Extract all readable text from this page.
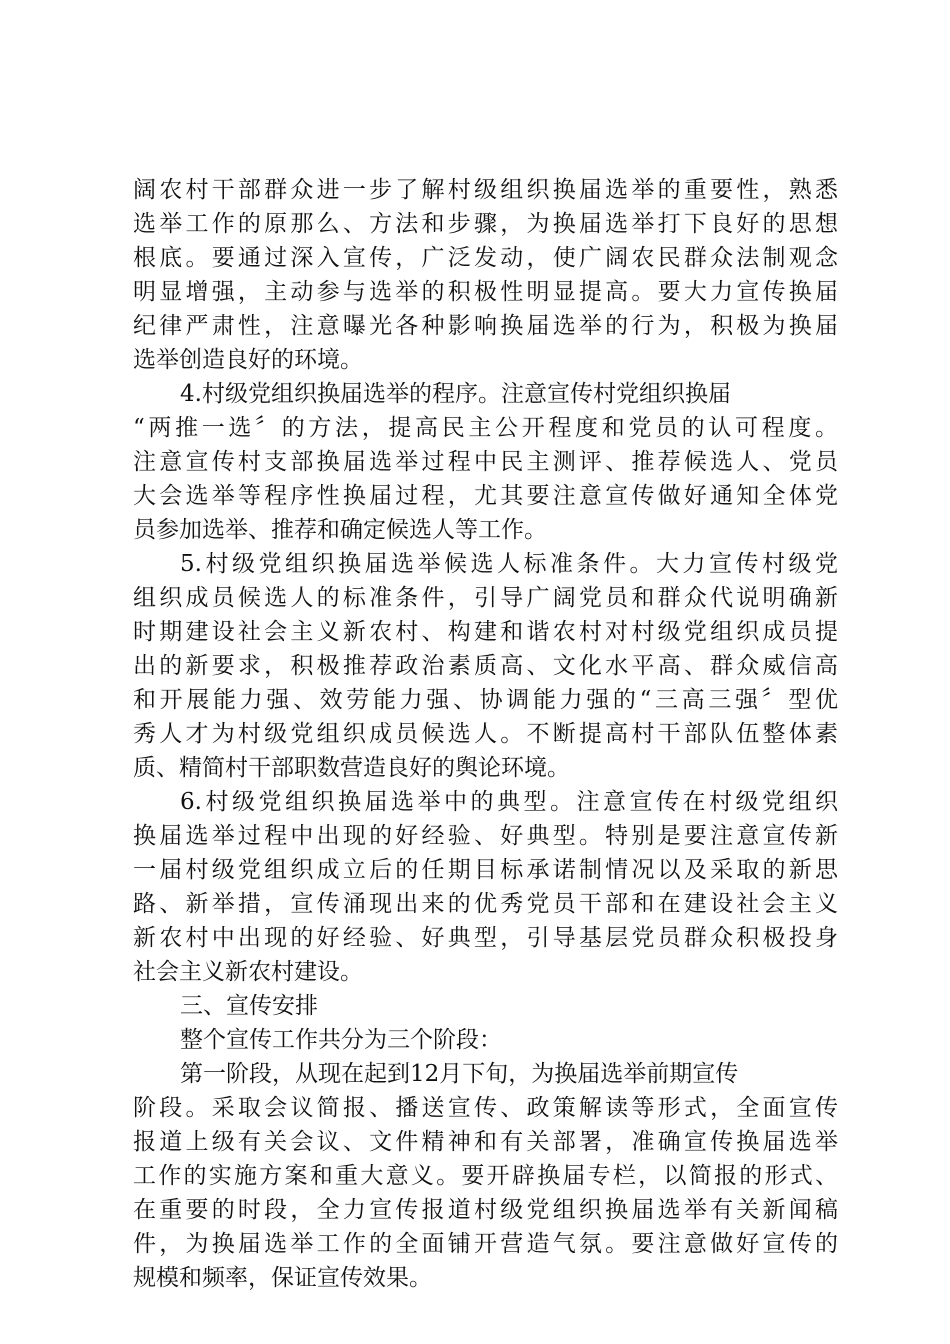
阔农村干部群众进一步了解村级组织换届选举的重要性，熟悉
选举工作的原那么、方法和步骤，为换届选举打下良好的思想
根底。要通过深入宣传，广泛发动，使广阔农民群众法制观念
明显增强，主动参与选举的积极性明显提高。要大力宣传换届
纪律严肃性，注意曝光各种影响换届选举的行为，积极为换届
选举创造良好的环境。
4.村级党组织换届选举的程序。注意宣传村党组织换届
“两推一选〞的方法，提高民主公开程度和党员的认可程度。
注意宣传村支部换届选举过程中民主测评、推荐候选人、党员
大会选举等程序性换届过程，尤其要注意宣传做好通知全体党
员参加选举、推荐和确定候选人等工作。
5.村级党组织换届选举候选人标准条件。大力宣传村级党
组织成员候选人的标准条件，引导广阔党员和群众代说明确新
时期建设社会主义新农村、构建和谐农村对村级党组织成员提
出的新要求，积极推荐政治素质高、文化水平高、群众威信高
和开展能力强、效劳能力强、协调能力强的“三高三强〞型优
秀人才为村级党组织成员候选人。不断提高村干部队伍整体素
质、精简村干部职数营造良好的舆论环境。
6.村级党组织换届选举中的典型。注意宣传在村级党组织
换届选举过程中出现的好经验、好典型。特别是要注意宣传新
一届村级党组织成立后的任期目标承诺制情况以及采取的新思
路、新举措，宣传涌现出来的优秀党员干部和在建设社会主义
新农村中出现的好经验、好典型，引导基层党员群众积极投身
社会主义新农村建设。
三、宣传安排
整个宣传工作共分为三个阶段：
第一阶段，从现在起到12月下旬，为换届选举前期宣传
阶段。采取会议简报、播送宣传、政策解读等形式，全面宣传
报道上级有关会议、文件精神和有关部署，准确宣传换届选举
工作的实施方案和重大意义。要开辟换届专栏，以简报的形式、
在重要的时段，全力宣传报道村级党组织换届选举有关新闻稿
件，为换届选举工作的全面铺开营造气氛。要注意做好宣传的
规模和频率，保证宣传效果。
